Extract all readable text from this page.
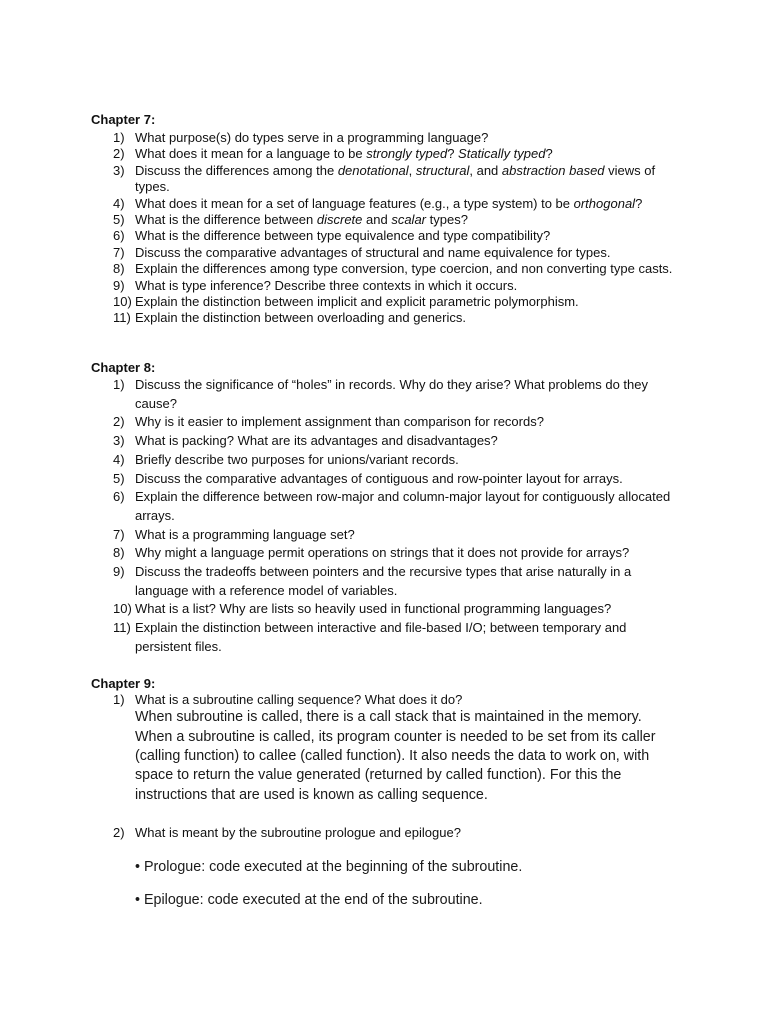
Chapter 7:
1) What purpose(s) do types serve in a programming language?
2) What does it mean for a language to be strongly typed? Statically typed?
3) Discuss the differences among the denotational, structural, and abstraction based views of types.
4) What does it mean for a set of language features (e.g., a type system) to be orthogonal?
5) What is the difference between discrete and scalar types?
6) What is the difference between type equivalence and type compatibility?
7) Discuss the comparative advantages of structural and name equivalence for types.
8) Explain the differences among type conversion, type coercion, and non converting type casts.
9) What is type inference? Describe three contexts in which it occurs.
10) Explain the distinction between implicit and explicit parametric polymorphism.
11) Explain the distinction between overloading and generics.
Chapter 8:
1) Discuss the significance of “holes” in records. Why do they arise? What problems do they cause?
2) Why is it easier to implement assignment than comparison for records?
3) What is packing? What are its advantages and disadvantages?
4) Briefly describe two purposes for unions/variant records.
5) Discuss the comparative advantages of contiguous and row-pointer layout for arrays.
6) Explain the difference between row-major and column-major layout for contiguously allocated arrays.
7) What is a programming language set?
8) Why might a language permit operations on strings that it does not provide for arrays?
9) Discuss the tradeoffs between pointers and the recursive types that arise naturally in a language with a reference model of variables.
10) What is a list? Why are lists so heavily used in functional programming languages?
11) Explain the distinction between interactive and file-based I/O; between temporary and persistent files.
Chapter 9:
1) What is a subroutine calling sequence? What does it do?
When subroutine is called, there is a call stack that is maintained in the memory. When a subroutine is called, its program counter is needed to be set from its caller (calling function) to callee (called function). It also needs the data to work on, with space to return the value generated (returned by called function). For this the instructions that are used is known as calling sequence.
2) What is meant by the subroutine prologue and epilogue?
• Prologue: code executed at the beginning of the subroutine.
• Epilogue: code executed at the end of the subroutine.
